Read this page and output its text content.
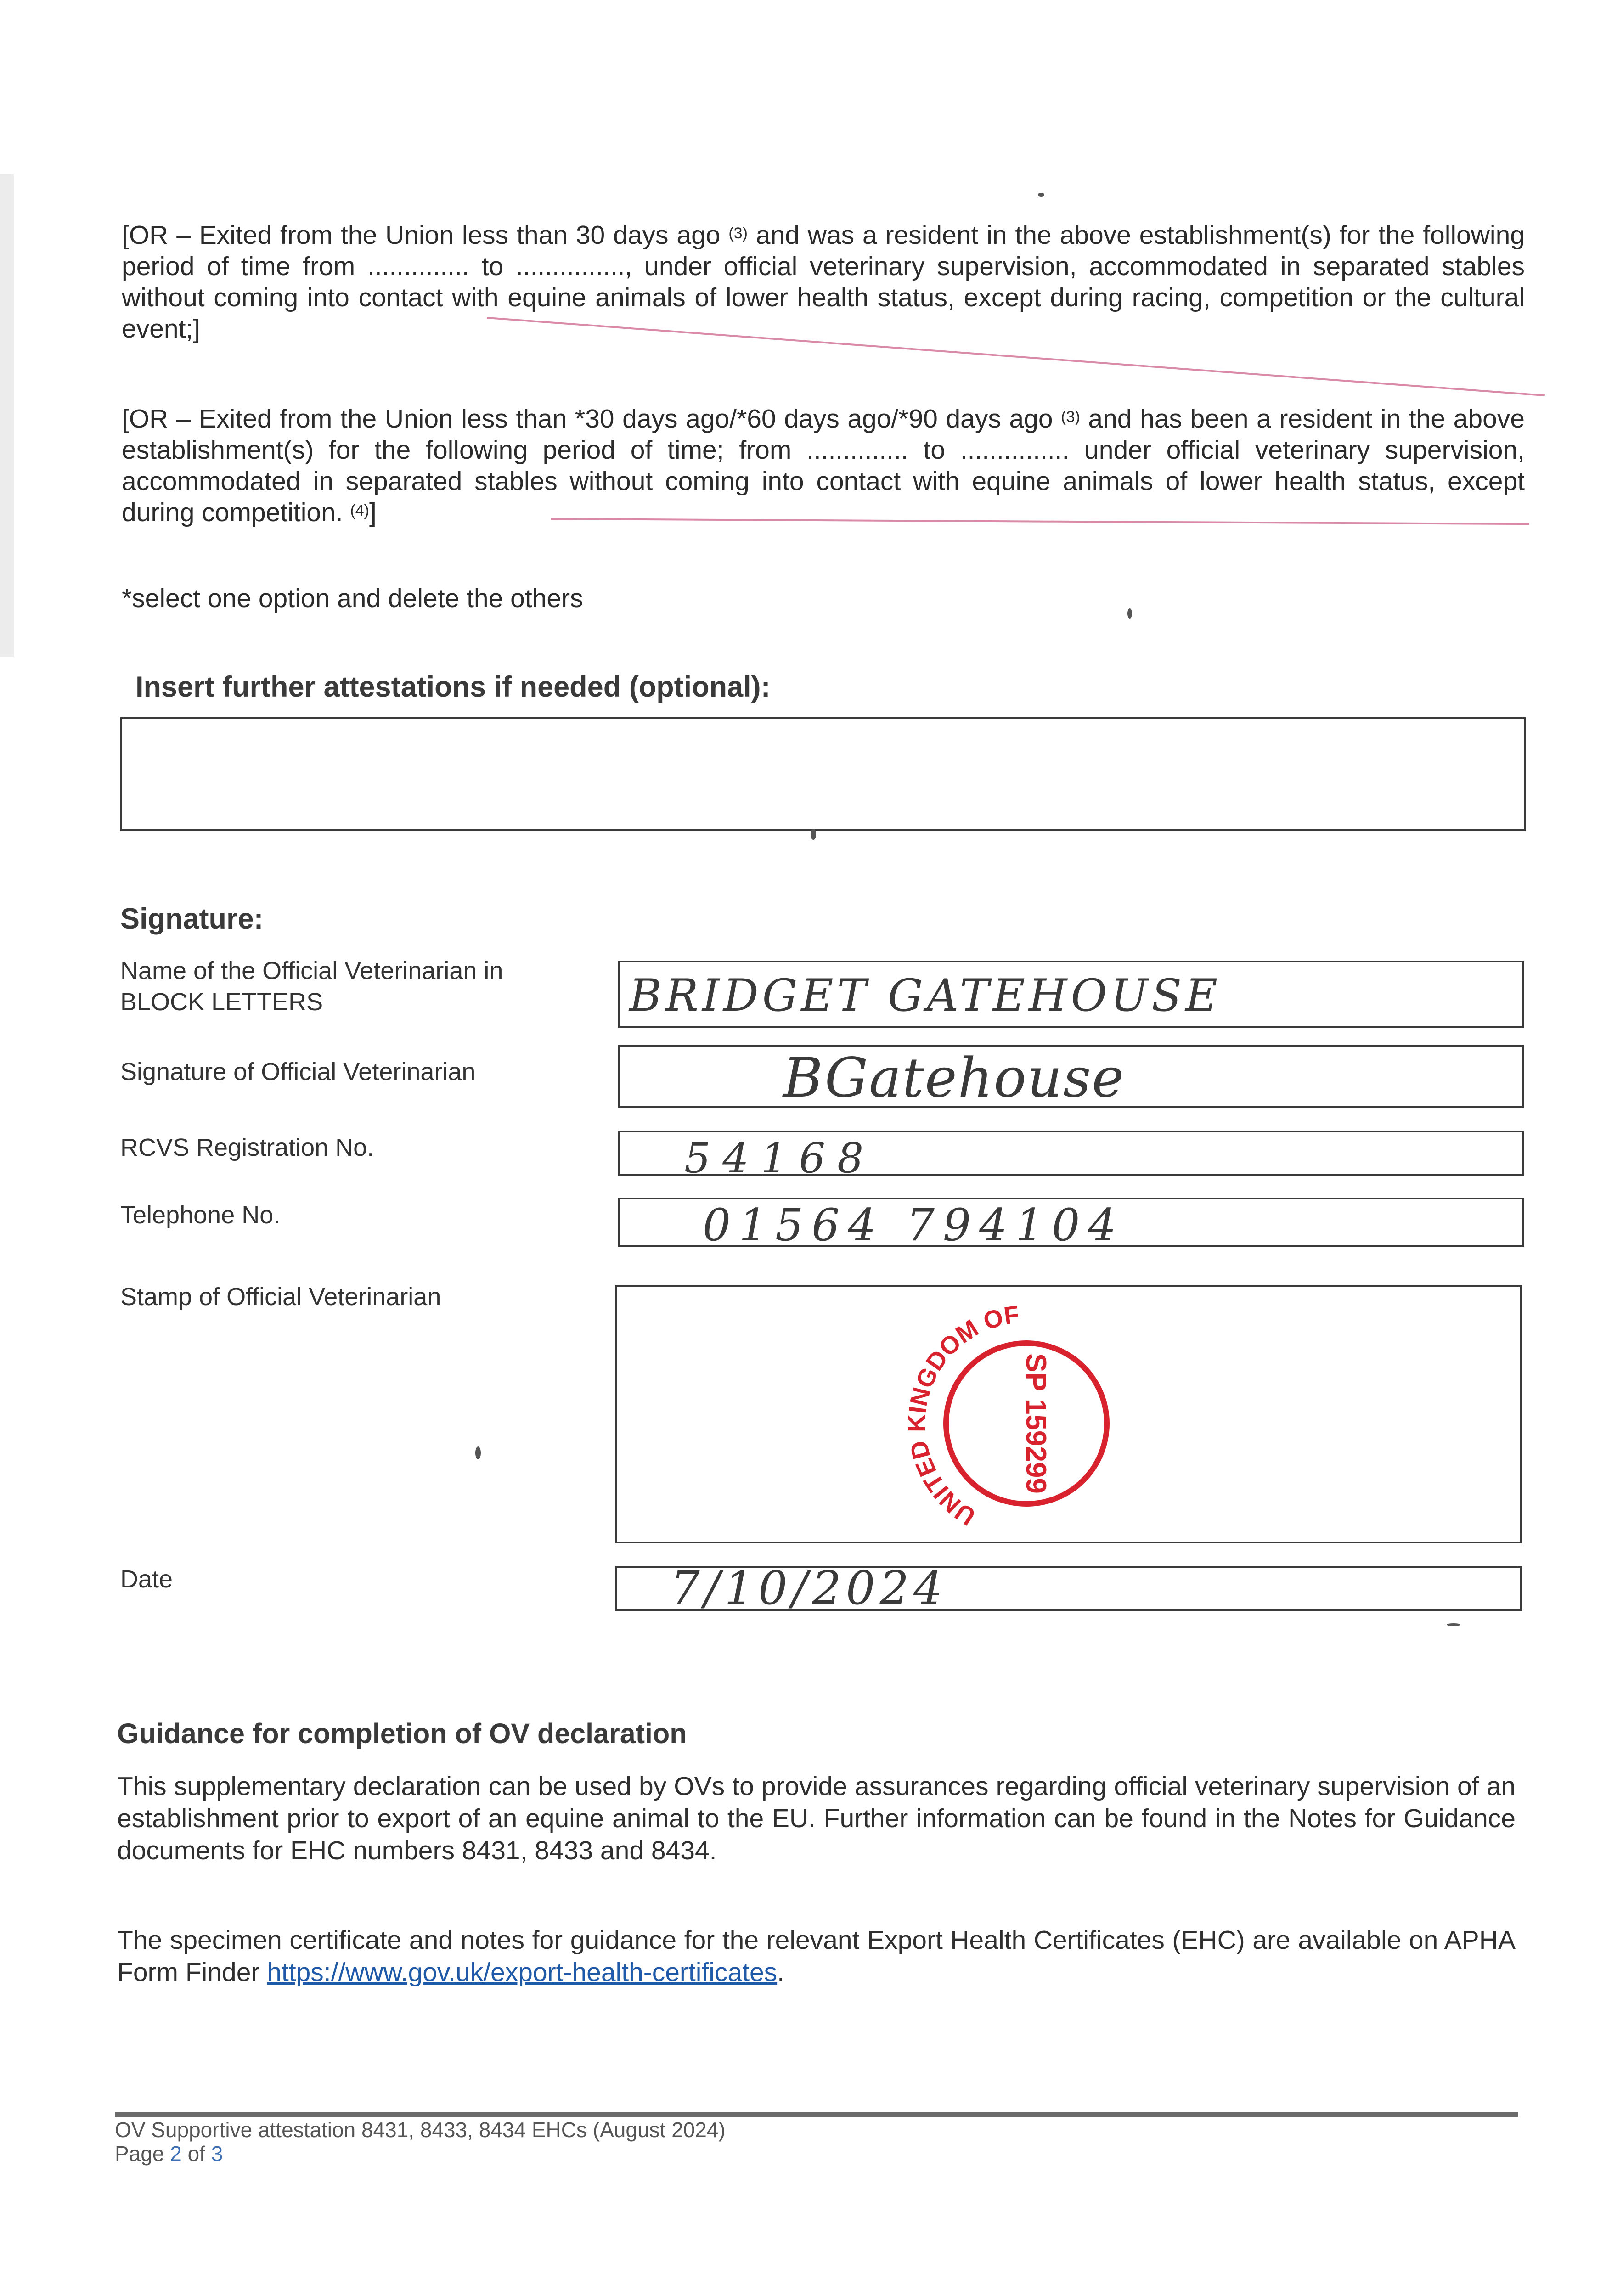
[OR – Exited from the Union less than 30 days ago $^{(3)}$ and was a resident in the above establishment(s) for the following period of time from .............. to ..............., under official veterinary supervision, accommodated in separated stables without coming into contact with equine animals of lower health status, except during racing, competition or the cultural event;]
[OR – Exited from the Union less than *30 days ago/*60 days ago/*90 days ago $^{(3)}$ and has been a resident in the above establishment(s) for the following period of time; from .............. to ............... under official veterinary supervision, accommodated in separated stables without coming into contact with equine animals of lower health status, except during competition. $^{(4)}$]
*select one option and delete the others
Insert further attestations if needed (optional):
Signature:
Name of the Official Veterinarian in BLOCK LETTERS	BRIDGET GATEHOUSE
Signature of Official Veterinarian	BGatehouse
RCVS Registration No.	54168
Telephone No.	01564 794104
Stamp of Official Veterinarian
UNITED KINGDOM OF
SP 159299
Date	7/10/2024
Guidance for completion of OV declaration
This supplementary declaration can be used by OVs to provide assurances regarding official veterinary supervision of an establishment prior to export of an equine animal to the EU. Further information can be found in the Notes for Guidance documents for EHC numbers 8431, 8433 and 8434.
The specimen certificate and notes for guidance for the relevant Export Health Certificates (EHC) are available on APHA Form Finder https://www.gov.uk/export-health-certificates.
OV Supportive attestation 8431, 8433, 8434 EHCs (August 2024)
Page 2 of 3
